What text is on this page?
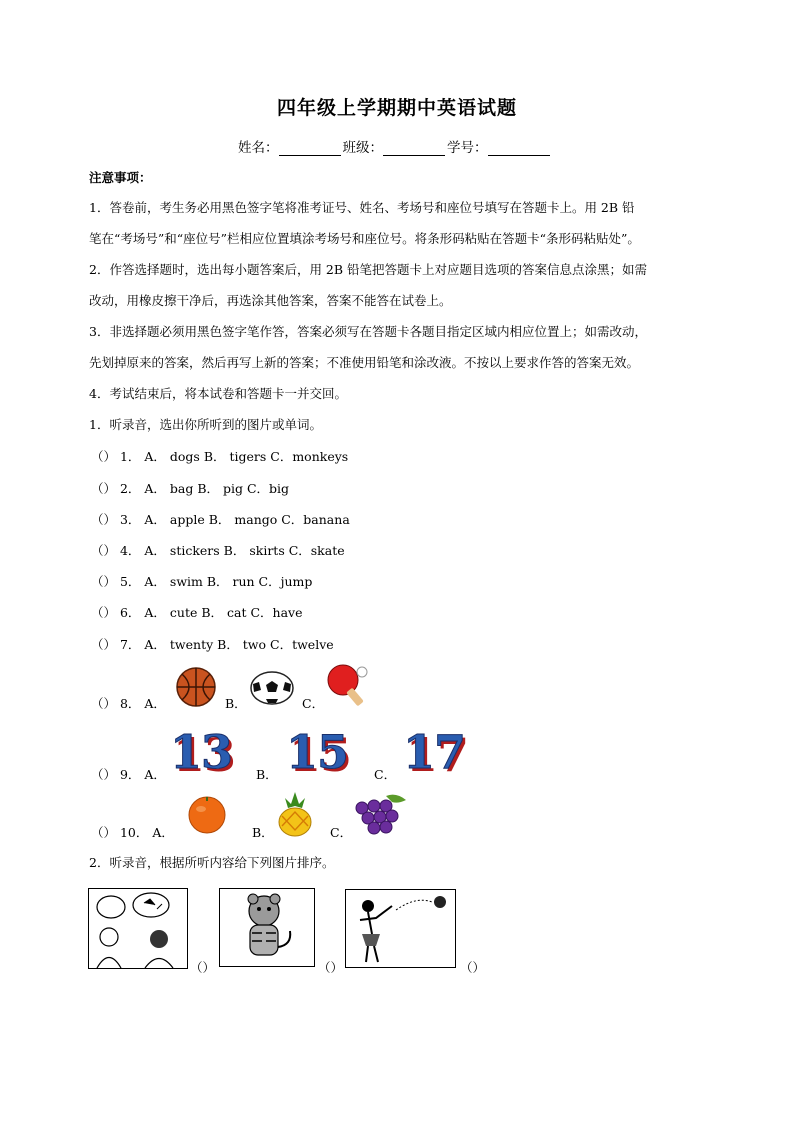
四年级上学期期中英语试题
姓名：	班级：	学号：
注意事项：
1．答卷前，考生务必用黑色签字笔将准考证号、姓名、考场号和座位号填写在答题卡上。用 2B 铅
笔在“考场号”和“座位号”栏相应位置填涂考场号和座位号。将条形码粘贴在答题卡“条形码粘贴处”。
2．作答选择题时，选出每小题答案后，用 2B 铅笔把答题卡上对应题目选项的答案信息点涂黑；如需
改动，用橡皮擦干净后，再选涂其他答案，答案不能答在试卷上。
3．非选择题必须用黑色签字笔作答，答案必须写在答题卡各题目指定区域内相应位置上；如需改动，
先划掉原来的答案，然后再写上新的答案；不准使用铅笔和涂改液。不按以上要求作答的答案无效。
4．考试结束后，将本试卷和答题卡一并交回。
1．听录音，选出你所听到的图片或单词。
（） 1． A． dogs B． tigers C．monkeys
（） 2． A． bag B． pig C．big
（） 3． A． apple B． mango C．banana
（） 4． A． stickers B． skirts C．skate
（） 5． A． swim B． run C．jump
（） 6． A． cute B． cat C．have
（） 7． A． twenty B． two C．twelve
（） 8． A．	B．	C．
（） 9． A． 13 B． 15 C． 17
（） 10． A．	B．	C．
2．听录音，根据所听内容给下列图片排序。
（）	（）	（）
